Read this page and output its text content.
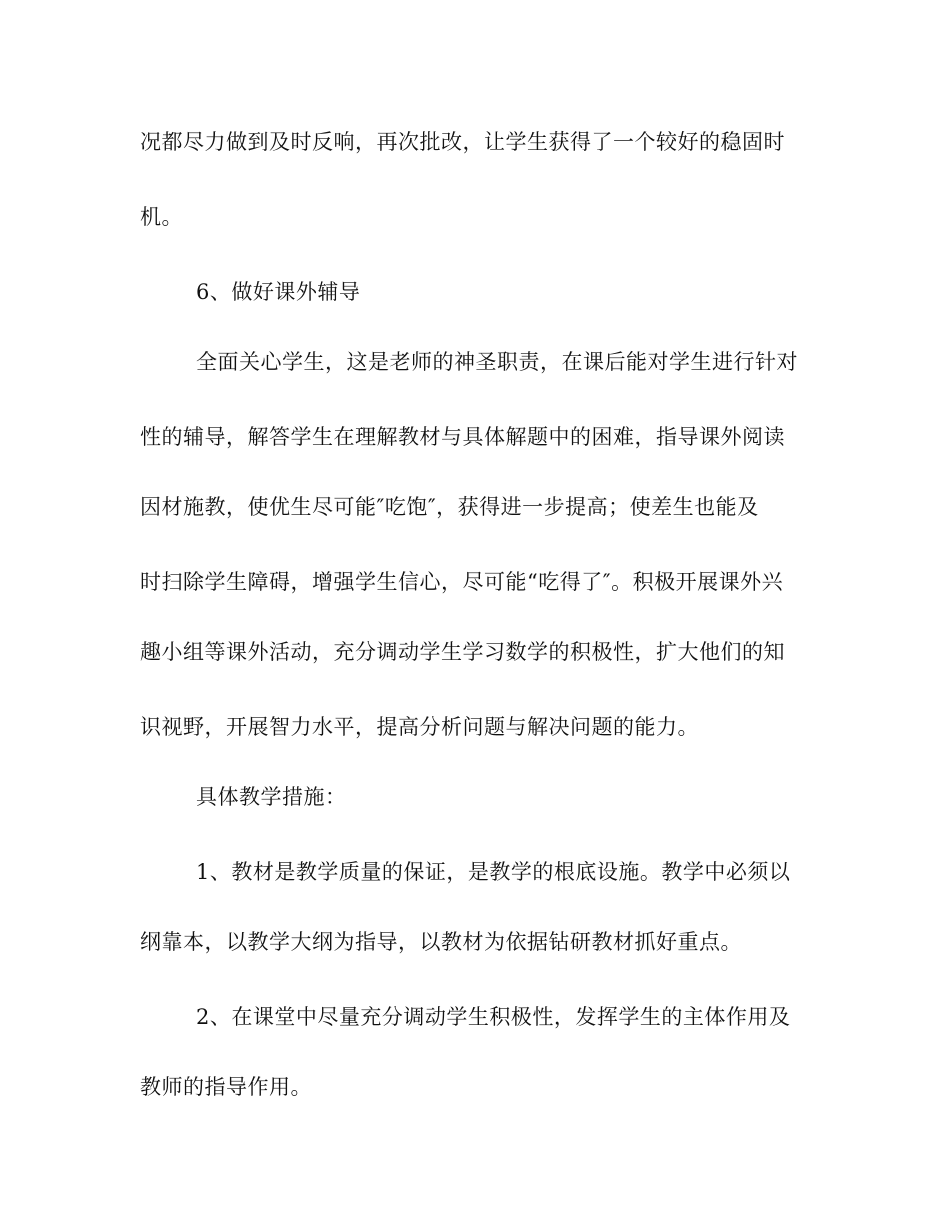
况都尽力做到及时反响，再次批改，让学生获得了一个较好的稳固时

机。

6、做好课外辅导

全面关心学生，这是老师的神圣职责，在课后能对学生进行针对

性的辅导，解答学生在理解教材与具体解题中的困难，指导课外阅读

因材施教，使优生尽可能″吃饱″，获得进一步提高；使差生也能及

时扫除学生障碍，增强学生信心，尽可能“吃得了″。积极开展课外兴

趣小组等课外活动，充分调动学生学习数学的积极性，扩大他们的知

识视野，开展智力水平，提高分析问题与解决问题的能力。

具体教学措施：

1、教材是教学质量的保证，是教学的根底设施。教学中必须以

纲靠本，以教学大纲为指导，以教材为依据钻研教材抓好重点。

2、在课堂中尽量充分调动学生积极性，发挥学生的主体作用及

教师的指导作用。
